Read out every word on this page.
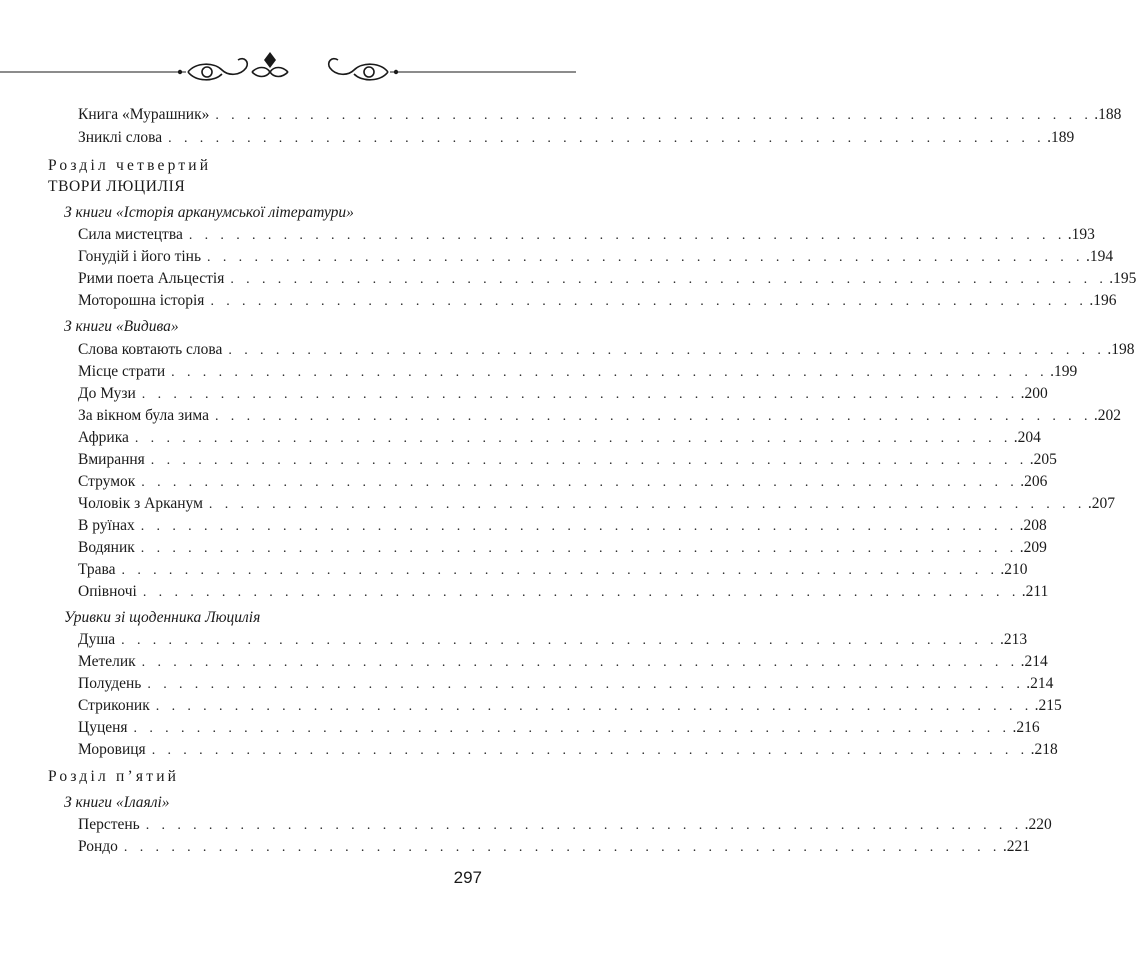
Книга «Мурашник» . . . . . . . . . . . . . . . . . . . . . . . . . . . . . . . . . . . . . . . . . . . . . . . . . . . . . . . . .188
Зниклі слова . . . . . . . . . . . . . . . . . . . . . . . . . . . . . . . . . . . . . . . . . . . . . . . . . . . . . . . . .189
Розділ четвертий
ТВОРИ ЛЮЦИЛІЯ
З книги «Історія арканумської літератури»
Сила мистецтва . . . . . . . . . . . . . . . . . . . . . . . . . . . . . . . . . . . . . . . . . . . . . . . . . . . . . . . . .193
Гонудій і його тінь . . . . . . . . . . . . . . . . . . . . . . . . . . . . . . . . . . . . . . . . . . . . . . . . . . . . . . . . .194
Рими поета Альцестія . . . . . . . . . . . . . . . . . . . . . . . . . . . . . . . . . . . . . . . . . . . . . . . . . . . . . . . . .195
Моторошна історія . . . . . . . . . . . . . . . . . . . . . . . . . . . . . . . . . . . . . . . . . . . . . . . . . . . . . . . . .196
З книги «Видива»
Слова ковтають слова . . . . . . . . . . . . . . . . . . . . . . . . . . . . . . . . . . . . . . . . . . . . . . . . . . . . . . . . .198
Місце страти . . . . . . . . . . . . . . . . . . . . . . . . . . . . . . . . . . . . . . . . . . . . . . . . . . . . . . . . .199
До Музи . . . . . . . . . . . . . . . . . . . . . . . . . . . . . . . . . . . . . . . . . . . . . . . . . . . . . . . . .200
За вікном була зима . . . . . . . . . . . . . . . . . . . . . . . . . . . . . . . . . . . . . . . . . . . . . . . . . . . . . . . . .202
Африка . . . . . . . . . . . . . . . . . . . . . . . . . . . . . . . . . . . . . . . . . . . . . . . . . . . . . . . . .204
Вмирання . . . . . . . . . . . . . . . . . . . . . . . . . . . . . . . . . . . . . . . . . . . . . . . . . . . . . . . . .205
Струмок . . . . . . . . . . . . . . . . . . . . . . . . . . . . . . . . . . . . . . . . . . . . . . . . . . . . . . . . .206
Чоловік з Арканум . . . . . . . . . . . . . . . . . . . . . . . . . . . . . . . . . . . . . . . . . . . . . . . . . . . . . . . . .207
В руїнах . . . . . . . . . . . . . . . . . . . . . . . . . . . . . . . . . . . . . . . . . . . . . . . . . . . . . . . . .208
Водяник . . . . . . . . . . . . . . . . . . . . . . . . . . . . . . . . . . . . . . . . . . . . . . . . . . . . . . . . .209
Трава . . . . . . . . . . . . . . . . . . . . . . . . . . . . . . . . . . . . . . . . . . . . . . . . . . . . . . . . .210
Опівночі . . . . . . . . . . . . . . . . . . . . . . . . . . . . . . . . . . . . . . . . . . . . . . . . . . . . . . . . .211
Уривки зі щоденника Люцилія
Душа . . . . . . . . . . . . . . . . . . . . . . . . . . . . . . . . . . . . . . . . . . . . . . . . . . . . . . . . .213
Метелик . . . . . . . . . . . . . . . . . . . . . . . . . . . . . . . . . . . . . . . . . . . . . . . . . . . . . . . . .214
Полудень . . . . . . . . . . . . . . . . . . . . . . . . . . . . . . . . . . . . . . . . . . . . . . . . . . . . . . . . .214
Стриконик . . . . . . . . . . . . . . . . . . . . . . . . . . . . . . . . . . . . . . . . . . . . . . . . . . . . . . . . .215
Цуценя . . . . . . . . . . . . . . . . . . . . . . . . . . . . . . . . . . . . . . . . . . . . . . . . . . . . . . . . .216
Моровиця . . . . . . . . . . . . . . . . . . . . . . . . . . . . . . . . . . . . . . . . . . . . . . . . . . . . . . . . .218
Розділ п’ятий
З книги «Ілаялі»
Перстень . . . . . . . . . . . . . . . . . . . . . . . . . . . . . . . . . . . . . . . . . . . . . . . . . . . . . . . . .220
Рондо . . . . . . . . . . . . . . . . . . . . . . . . . . . . . . . . . . . . . . . . . . . . . . . . . . . . . . . . .221
297
